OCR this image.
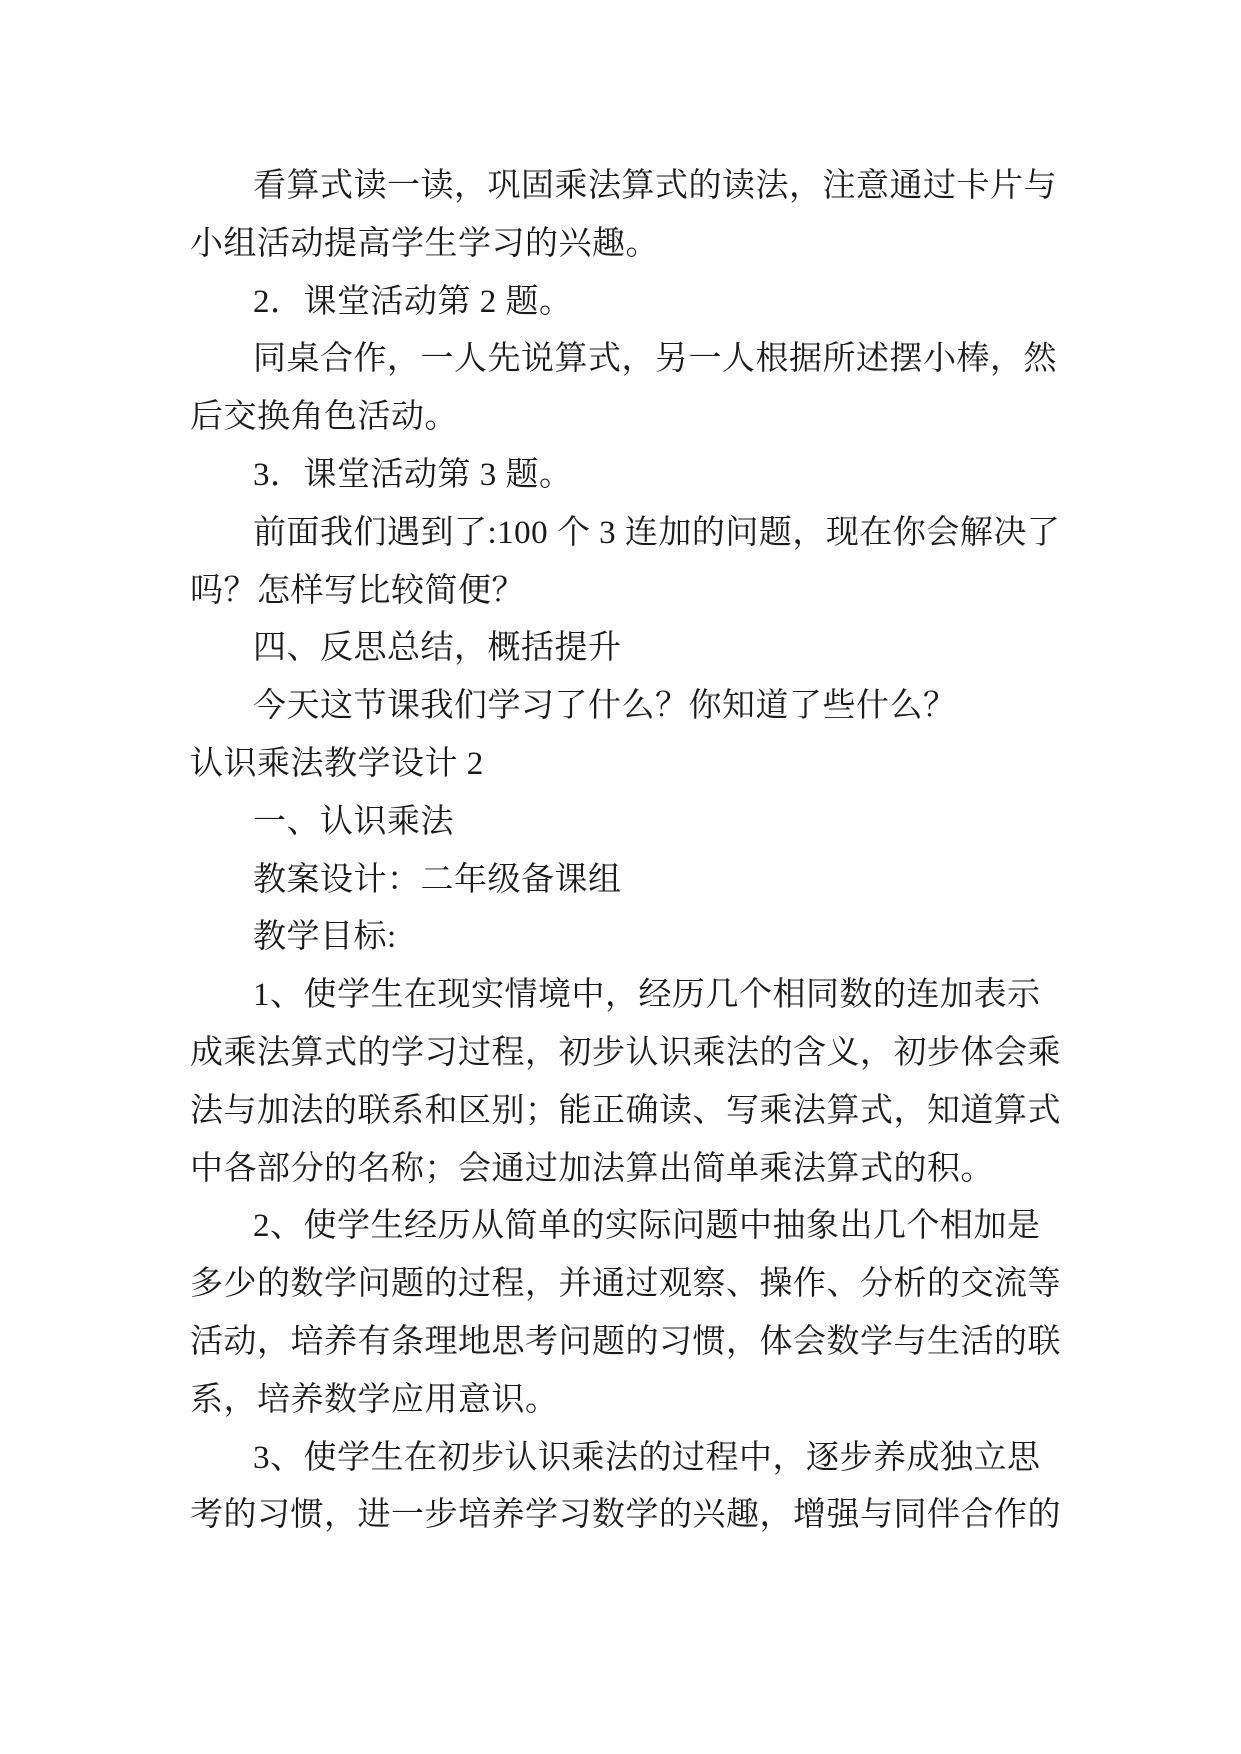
看算式读一读，巩固乘法算式的读法，注意通过卡片与
小组活动提高学生学习的兴趣。
2．课堂活动第 2 题。
同桌合作，一人先说算式，另一人根据所述摆小棒，然
后交换角色活动。
3．课堂活动第 3 题。
前面我们遇到了:100 个 3 连加的问题，现在你会解决了
吗？怎样写比较简便？
四、反思总结，概括提升
今天这节课我们学习了什么？你知道了些什么？
认识乘法教学设计 2
一、认识乘法
教案设计：二年级备课组
教学目标:
1、使学生在现实情境中，经历几个相同数的连加表示
成乘法算式的学习过程，初步认识乘法的含义，初步体会乘
法与加法的联系和区别；能正确读、写乘法算式，知道算式
中各部分的名称；会通过加法算出简单乘法算式的积。
2、使学生经历从简单的实际问题中抽象出几个相加是
多少的数学问题的过程，并通过观察、操作、分析的交流等
活动，培养有条理地思考问题的习惯，体会数学与生活的联
系，培养数学应用意识。
3、使学生在初步认识乘法的过程中，逐步养成独立思
考的习惯，进一步培养学习数学的兴趣，增强与同伴合作的
